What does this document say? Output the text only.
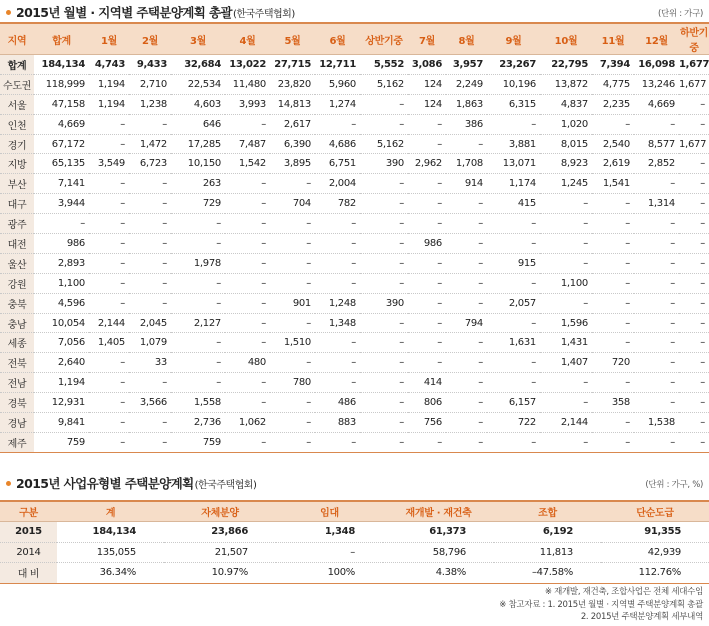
2015년 월별 · 지역별 주택분양계획 총괄 (한국주택협회)	(단위 : 가구)
지역	합계	1월	2월	3월	4월	5월	6월	상반기중	7월	8월	9월	10월	11월	12월	하반기중
합계	184,134	4,743	9,433	32,684	13,022	27,715	12,711	5,552	3,086	3,957	23,267	22,795	7,394	16,098	1,677
수도권	118,999	1,194	2,710	22,534	11,480	23,820	5,960	5,162	124	2,249	10,196	13,872	4,775	13,246	1,677
서울	47,158	1,194	1,238	4,603	3,993	14,813	1,274	–	124	1,863	6,315	4,837	2,235	4,669	–
인천	4,669	–	–	646	–	2,617	–	–	–	386	–	1,020	–	–	–
경기	67,172	–	1,472	17,285	7,487	6,390	4,686	5,162	–	–	3,881	8,015	2,540	8,577	1,677
지방	65,135	3,549	6,723	10,150	1,542	3,895	6,751	390	2,962	1,708	13,071	8,923	2,619	2,852	–
부산	7,141	–	–	263	–	–	2,004	–	–	914	1,174	1,245	1,541	–	–
대구	3,944	–	–	729	–	704	782	–	–	–	415	–	–	1,314	–
광주	–	–	–	–	–	–	–	–	–	–	–	–	–	–	–
대전	986	–	–	–	–	–	–	–	986	–	–	–	–	–	–
울산	2,893	–	–	1,978	–	–	–	–	–	–	915	–	–	–	–
강원	1,100	–	–	–	–	–	–	–	–	–	–	1,100	–	–	–
충북	4,596	–	–	–	–	901	1,248	390	–	–	2,057	–	–	–	–
충남	10,054	2,144	2,045	2,127	–	–	1,348	–	–	794	–	1,596	–	–	–
세종	7,056	1,405	1,079	–	–	1,510	–	–	–	–	1,631	1,431	–	–	–
전북	2,640	–	33	–	480	–	–	–	–	–	–	1,407	720	–	–
전남	1,194	–	–	–	–	780	–	–	414	–	–	–	–	–	–
경북	12,931	–	3,566	1,558	–	–	486	–	806	–	6,157	–	358	–	–
경남	9,841	–	–	2,736	1,062	–	883	–	756	–	722	2,144	–	1,538	–
제주	759	–	–	759	–	–	–	–	–	–	–	–	–	–	–
2015년 사업유형별 주택분양계획 (한국주택협회)	(단위 : 가구, %)
구분	계	자체분양	임대	재개발 · 재건축	조합	단순도급
2015	184,134	23,866	1,348	61,373	6,192	91,355
2014	135,055	21,507	–	58,796	11,813	42,939
대 비	36.34%	10.97%	100%	4.38%	–47.58%	112.76%
※ 재개발, 재건축, 조합사업은 전체 세대수임
※ 참고자료 : 1. 2015년 월별 · 지역별 주택분양계획 총괄
2. 2015년 주택분양계획 세부내역
